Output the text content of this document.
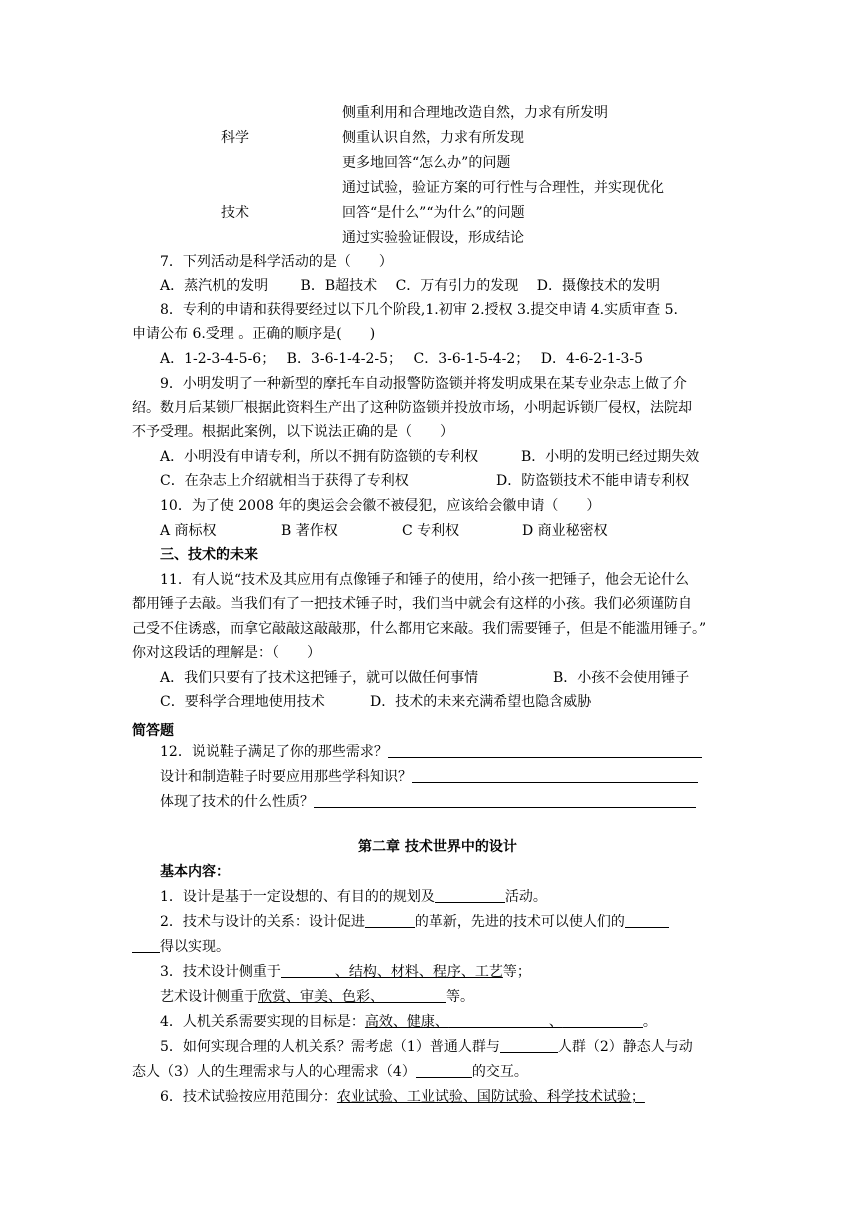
侧重利用和合理地改造自然，力求有所发明
科学	侧重认识自然，力求有所发现
更多地回答“怎么办”的问题
通过试验，验证方案的可行性与合理性，并实现优化
技术	回答“是什么”“为什么”的问题
通过实验验证假设，形成结论
7．下列活动是科学活动的是（　　）
A．蒸汽机的发明　　 B．B超技术　 C．万有引力的发现　 D．摄像技术的发明
8．专利的申请和获得要经过以下几个阶段,1.初审 2.授权 3.提交申请 4.实质审查 5.
申请公布 6.受理 。正确的顺序是(　　)
A．1-2-3-4-5-6；　 B．3-6-1-4-2-5；　 C．3-6-1-5-4-2；　 D．4-6-2-1-3-5
9．小明发明了一种新型的摩托车自动报警防盗锁并将发明成果在某专业杂志上做了介
绍。数月后某锁厂根据此资料生产出了这种防盗锁并投放市场，小明起诉锁厂侵权，法院却
不予受理。根据此案例，以下说法正确的是（　　）
A．小明没有申请专利，所以不拥有防盗锁的专利权	B．小明的发明已经过期失效
C．在杂志上介绍就相当于获得了专利权	D．防盗锁技术不能申请专利权
10．为了使 2008 年的奥运会会徽不被侵犯，应该给会徽申请（　　）
A 商标权	B 著作权	C 专利权	D 商业秘密权
三、技术的未来
11．有人说“技术及其应用有点像锤子和锤子的使用，给小孩一把锤子，他会无论什么
都用锤子去敲。当我们有了一把技术锤子时，我们当中就会有这样的小孩。我们必须谨防自
己受不住诱惑，而拿它敲敲这敲敲那，什么都用它来敲。我们需要锤子，但是不能滥用锤子。”
你对这段话的理解是：（　　）
A．我们只要有了技术这把锤子，就可以做任何事情	B．小孩不会使用锤子
C．要科学合理地使用技术	D．技术的未来充满希望也隐含威胁
简答题
12．说说鞋子满足了你的那些需求？
设计和制造鞋子时要应用那些学科知识？
体现了技术的什么性质？
第二章 技术世界中的设计
基本内容：
1．设计是基于一定设想的、有目的的规划及	活动。
2．技术与设计的关系：设计促进	的革新，先进的技术可以使人们的
得以实现。
3．技术设计侧重于	、结构、材料、程序、工艺等；
艺术设计侧重于欣赏、审美、色彩、	等。
4．人机关系需要实现的目标是：高效、健康、	、	。
5．如何实现合理的人机关系？需考虑（1）普通人群与	人群（2）静态人与动
态人（3）人的生理需求与人的心理需求（4）	的交互。
6．技术试验按应用范围分：农业试验、工业试验、国防试验、科学技术试验；
